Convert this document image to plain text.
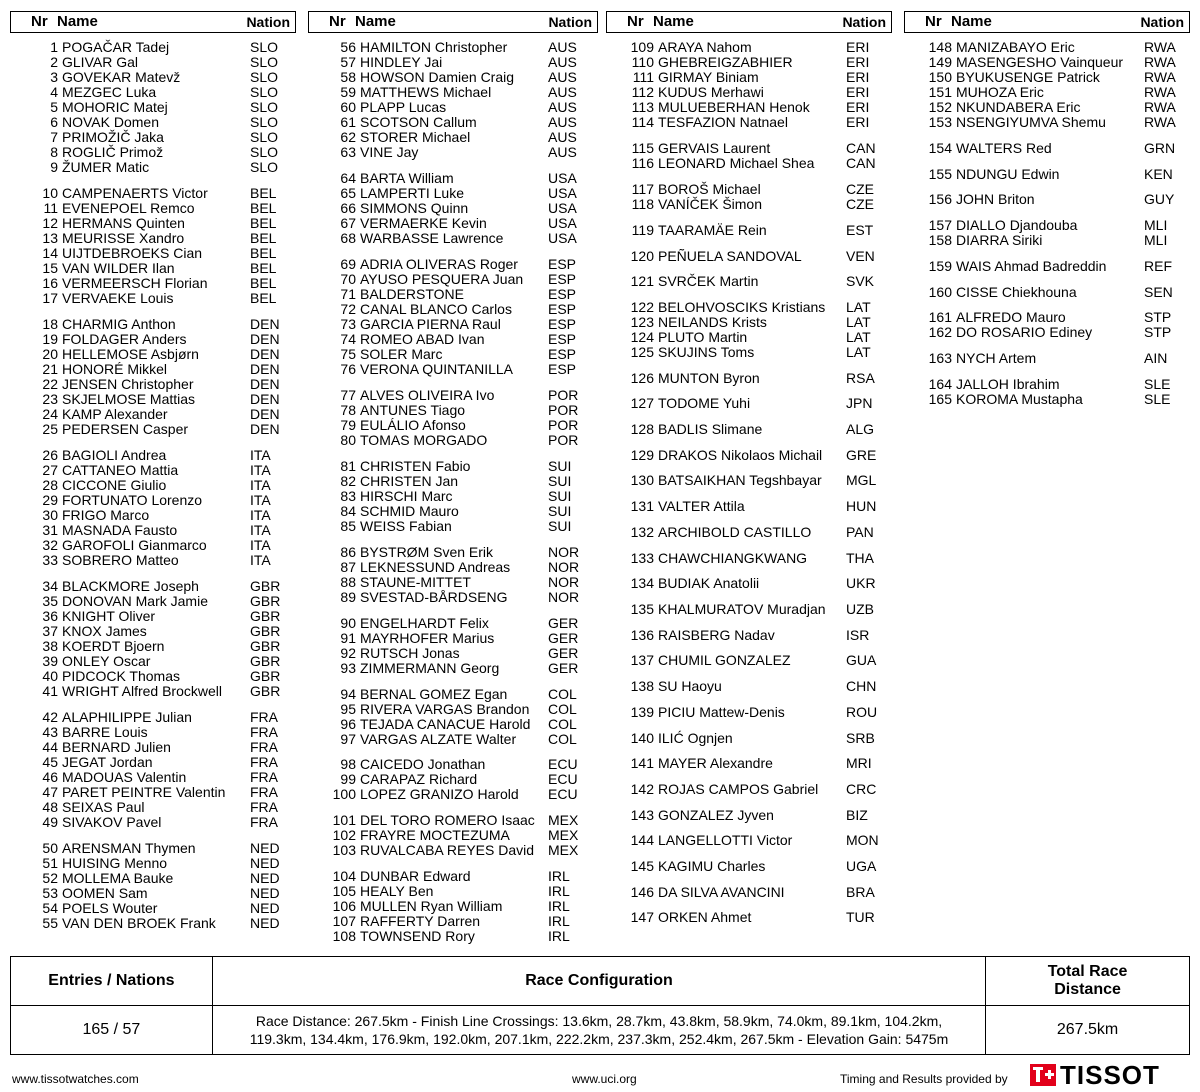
Nr Name	Nation
1 POGAČAR Tadej	SLO
2 GLIVAR Gal	SLO
3 GOVEKAR Matevž	SLO
4 MEZGEC Luka	SLO
5 MOHORIC Matej	SLO
6 NOVAK Domen	SLO
7 PRIMOŽIČ Jaka	SLO
8 ROGLIČ Primož	SLO
9 ŽUMER Matic	SLO
10 CAMPENAERTS Victor	BEL
11 EVENEPOEL Remco	BEL
12 HERMANS Quinten	BEL
13 MEURISSE Xandro	BEL
14 UIJTDEBROEKS Cian	BEL
15 VAN WILDER Ilan	BEL
16 VERMEERSCH Florian	BEL
17 VERVAEKE Louis	BEL
18 CHARMIG Anthon	DEN
19 FOLDAGER Anders	DEN
20 HELLEMOSE Asbjørn	DEN
21 HONORÉ Mikkel	DEN
22 JENSEN Christopher	DEN
23 SKJELMOSE Mattias	DEN
24 KAMP Alexander	DEN
25 PEDERSEN Casper	DEN
26 BAGIOLI Andrea	ITA
27 CATTANEO Mattia	ITA
28 CICCONE Giulio	ITA
29 FORTUNATO Lorenzo	ITA
30 FRIGO Marco	ITA
31 MASNADA Fausto	ITA
32 GAROFOLI Gianmarco	ITA
33 SOBRERO Matteo	ITA
34 BLACKMORE Joseph	GBR
35 DONOVAN Mark Jamie	GBR
36 KNIGHT Oliver	GBR
37 KNOX James	GBR
38 KOERDT Bjoern	GBR
39 ONLEY Oscar	GBR
40 PIDCOCK Thomas	GBR
41 WRIGHT Alfred Brockwell GBR
42 ALAPHILIPPE Julian	FRA
43 BARRE Louis	FRA
44 BERNARD Julien	FRA
45 JEGAT Jordan	FRA
46 MADOUAS Valentin	FRA
47 PARET PEINTRE Valentin FRA
48 SEIXAS Paul	FRA
49 SIVAKOV Pavel	FRA
50 ARENSMAN Thymen	NED
51 HUISING Menno	NED
52 MOLLEMA Bauke	NED
53 OOMEN Sam	NED
54 POELS Wouter	NED
55 VAN DEN BROEK Frank NED
Nr Name	Nation
56 HAMILTON Christopher	AUS
57 HINDLEY Jai	AUS
58 HOWSON Damien Craig AUS
59 MATTHEWS Michael	AUS
60 PLAPP Lucas	AUS
61 SCOTSON Callum	AUS
62 STORER Michael	AUS
63 VINE Jay	AUS
64 BARTA William	USA
65 LAMPERTI Luke	USA
66 SIMMONS Quinn	USA
67 VERMAERKE Kevin	USA
68 WARBASSE Lawrence	USA
69 ADRIA OLIVERAS Roger ESP
70 AYUSO PESQUERA Juan ESP
71 BALDERSTONE	ESP
72 CANAL BLANCO Carlos	ESP
73 GARCIA PIERNA Raul	ESP
74 ROMEO ABAD Ivan	ESP
75 SOLER Marc	ESP
76 VERONA QUINTANILLA ESP
77 ALVES OLIVEIRA Ivo	POR
78 ANTUNES Tiago	POR
79 EULÁLIO Afonso	POR
80 TOMAS MORGADO	POR
81 CHRISTEN Fabio	SUI
82 CHRISTEN Jan	SUI
83 HIRSCHI Marc	SUI
84 SCHMID Mauro	SUI
85 WEISS Fabian	SUI
86 BYSTRØM Sven Erik	NOR
87 LEKNESSUND Andreas	NOR
88 STAUNE-MITTET	NOR
89 SVESTAD-BÅRDSENG	NOR
90 ENGELHARDT Felix	GER
91 MAYRHOFER Marius	GER
92 RUTSCH Jonas	GER
93 ZIMMERMANN Georg	GER
94 BERNAL GOMEZ Egan	COL
95 RIVERA VARGAS Brandon COL
96 TEJADA CANACUE Harold COL
97 VARGAS ALZATE Walter COL
98 CAICEDO Jonathan	ECU
99 CARAPAZ Richard	ECU
100 LOPEZ GRANIZO Harold ECU
101 DEL TORO ROMERO Isaac MEX
102 FRAYRE MOCTEZUMA	MEX
103 RUVALCABA REYES David MEX
104 DUNBAR Edward	IRL
105 HEALY Ben	IRL
106 MULLEN Ryan William	IRL
107 RAFFERTY Darren	IRL
108 TOWNSEND Rory	IRL
Nr Name	Nation
109 ARAYA Nahom	ERI
110 GHEBREIGZABHIER	ERI
111 GIRMAY Biniam	ERI
112 KUDUS Merhawi	ERI
113 MULUEBERHAN Henok	ERI
114 TESFAZION Natnael	ERI
115 GERVAIS Laurent	CAN
116 LEONARD Michael Shea CAN
117 BOROŠ Michael	CZE
118 VANÍČEK Šimon	CZE
119 TAARAMÄE Rein	EST
120 PEÑUELA SANDOVAL	VEN
121 SVRČEK Martin	SVK
122 BELOHVOSCIKS Kristians LAT
123 NEILANDS Krists	LAT
124 PLUTO Martin	LAT
125 SKUJINS Toms	LAT
126 MUNTON Byron	RSA
127 TODOME Yuhi	JPN
128 BADLIS Slimane	ALG
129 DRAKOS Nikolaos Michail GRE
130 BATSAIKHAN Tegshbayar MGL
131 VALTER Attila	HUN
132 ARCHIBOLD CASTILLO PAN
133 CHAWCHIANGKWANG	THA
134 BUDIAK Anatolii	UKR
135 KHALMURATOV Muradjan UZB
136 RAISBERG Nadav	ISR
137 CHUMIL GONZALEZ	GUA
138 SU Haoyu	CHN
139 PICIU Mattew-Denis	ROU
140 ILIĆ Ognjen	SRB
141 MAYER Alexandre	MRI
142 ROJAS CAMPOS Gabriel CRC
143 GONZALEZ Jyven	BIZ
144 LANGELLOTTI Victor	MON
145 KAGIMU Charles	UGA
146 DA SILVA AVANCINI	BRA
147 ORKEN Ahmet	TUR
Nr Name	Nation
148 MANIZABAYO Eric	RWA
149 MASENGESHO Vainqueur RWA
150 BYUKUSENGE Patrick	RWA
151 MUHOZA Eric	RWA
152 NKUNDABERA Eric	RWA
153 NSENGIYUMVA Shemu	RWA
154 WALTERS Red	GRN
155 NDUNGU Edwin	KEN
156 JOHN Briton	GUY
157 DIALLO Djandouba	MLI
158 DIARRA Siriki	MLI
159 WAIS Ahmad Badreddin	REF
160 CISSE Chiekhouna	SEN
161 ALFREDO Mauro	STP
162 DO ROSARIO Ediney	STP
163 NYCH Artem	AIN
164 JALLOH Ibrahim	SLE
165 KOROMA Mustapha	SLE
Entries / Nations	Race Configuration	Total Race
Distance

165 / 57	Race Distance: 267.5km - Finish Line Crossings: 13.6km, 28.7km, 43.8km, 58.9km, 74.0km, 89.1km, 104.2km,
119.3km, 134.4km, 176.9km, 192.0km, 207.1km, 222.2km, 237.3km, 252.4km, 267.5km - Elevation Gain: 5475m	267.5km
www.tissotwatches.com	www.uci.org	Timing and Results provided by TISSOT
